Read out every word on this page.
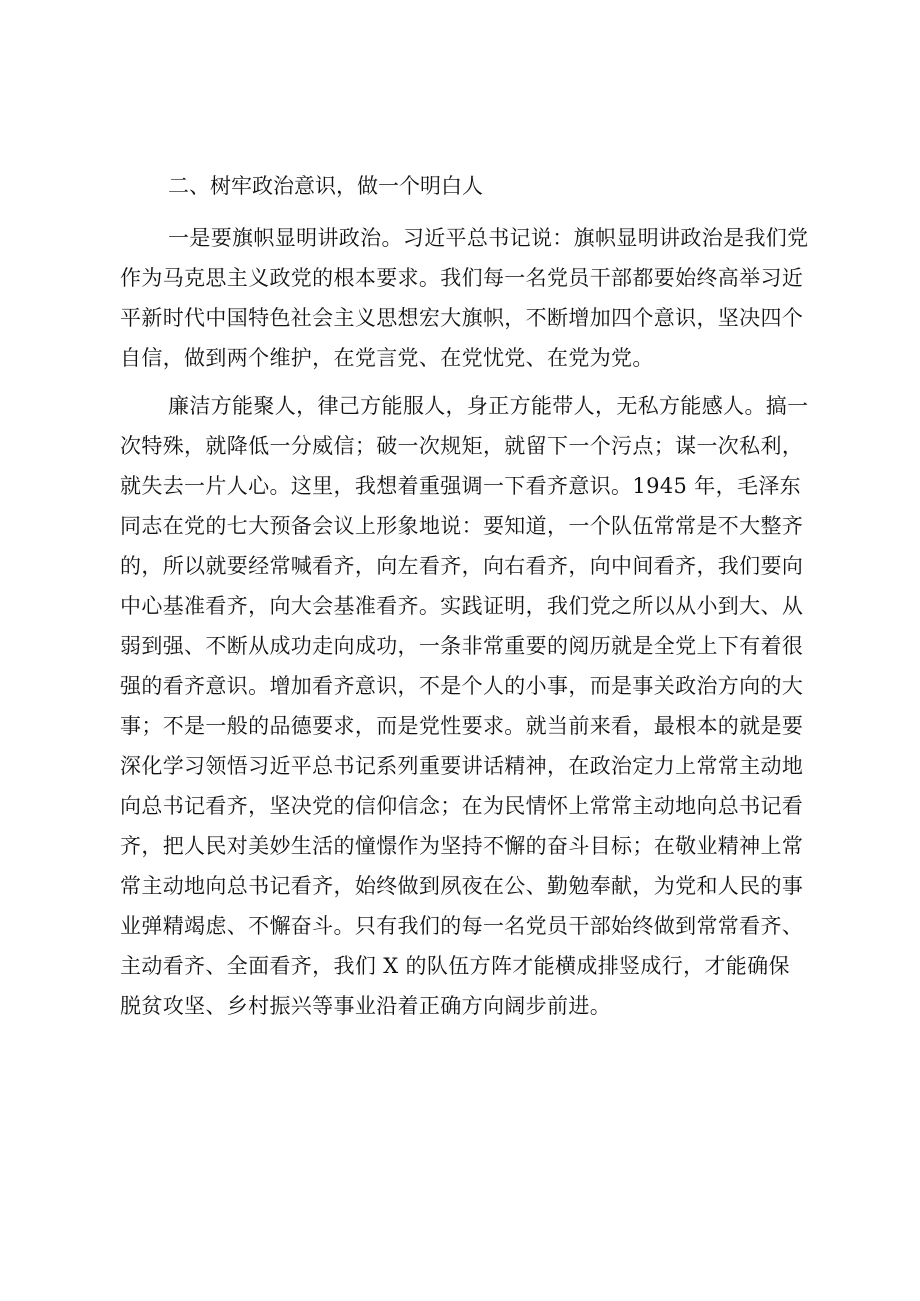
二、树牢政治意识，做一个明白人
一是要旗帜显明讲政治。习近平总书记说：旗帜显明讲政治是我们党
作为马克思主义政党的根本要求。我们每一名党员干部都要始终高举习近
平新时代中国特色社会主义思想宏大旗帜，不断增加四个意识，坚决四个
自信，做到两个维护，在党言党、在党忧党、在党为党。
廉洁方能聚人，律己方能服人，身正方能带人，无私方能感人。搞一
次特殊，就降低一分威信；破一次规矩，就留下一个污点；谋一次私利，
就失去一片人心。这里，我想着重强调一下看齐意识。1945 年，毛泽东
同志在党的七大预备会议上形象地说：要知道，一个队伍常常是不大整齐
的，所以就要经常喊看齐，向左看齐，向右看齐，向中间看齐，我们要向
中心基准看齐，向大会基准看齐。实践证明，我们党之所以从小到大、从
弱到强、不断从成功走向成功，一条非常重要的阅历就是全党上下有着很
强的看齐意识。增加看齐意识，不是个人的小事，而是事关政治方向的大
事；不是一般的品德要求，而是党性要求。就当前来看，最根本的就是要
深化学习领悟习近平总书记系列重要讲话精神，在政治定力上常常主动地
向总书记看齐，坚决党的信仰信念；在为民情怀上常常主动地向总书记看
齐，把人民对美妙生活的憧憬作为坚持不懈的奋斗目标；在敬业精神上常
常主动地向总书记看齐，始终做到夙夜在公、勤勉奉献，为党和人民的事
业弹精竭虑、不懈奋斗。只有我们的每一名党员干部始终做到常常看齐、
主动看齐、全面看齐，我们 X 的队伍方阵才能横成排竖成行，才能确保
脱贫攻坚、乡村振兴等事业沿着正确方向阔步前进。
